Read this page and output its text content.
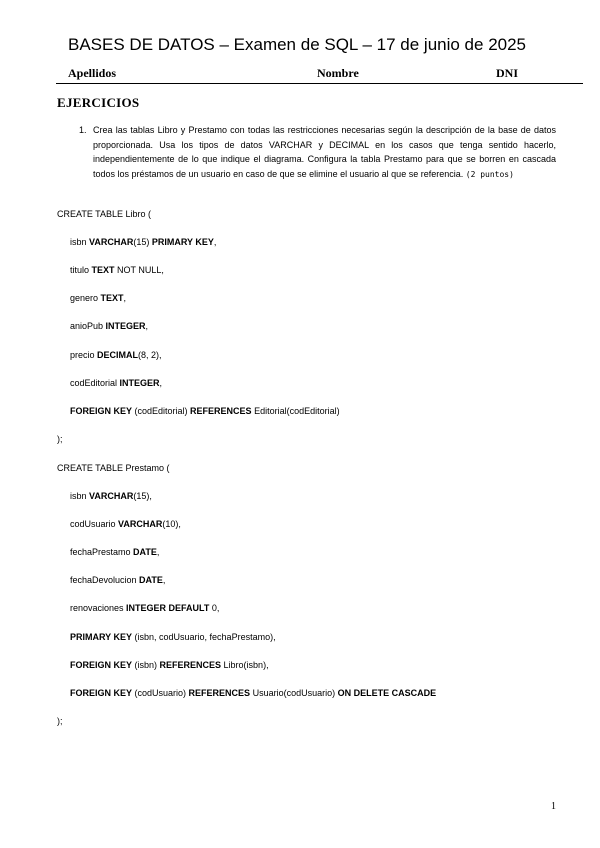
BASES DE DATOS – Examen de SQL – 17 de junio de 2025
Apellidos	Nombre	DNI
EJERCICIOS
1. Crea las tablas Libro y Prestamo con todas las restricciones necesarias según la descripción de la base de datos proporcionada. Usa los tipos de datos VARCHAR y DECIMAL en los casos que tenga sentido hacerlo, independientemente de lo que indique el diagrama. Configura la tabla Prestamo para que se borren en cascada todos los préstamos de un usuario en caso de que se elimine el usuario al que se referencia. (2 puntos)
CREATE TABLE Libro (
isbn VARCHAR(15) PRIMARY KEY,
titulo TEXT NOT NULL,
genero TEXT,
anioPub INTEGER,
precio DECIMAL(8, 2),
codEditorial INTEGER,
FOREIGN KEY (codEditorial) REFERENCES Editorial(codEditorial)
);
CREATE TABLE Prestamo (
isbn VARCHAR(15),
codUsuario VARCHAR(10),
fechaPrestamo DATE,
fechaDevolucion DATE,
renovaciones INTEGER DEFAULT 0,
PRIMARY KEY (isbn, codUsuario, fechaPrestamo),
FOREIGN KEY (isbn) REFERENCES Libro(isbn),
FOREIGN KEY (codUsuario) REFERENCES Usuario(codUsuario) ON DELETE CASCADE
);
1
